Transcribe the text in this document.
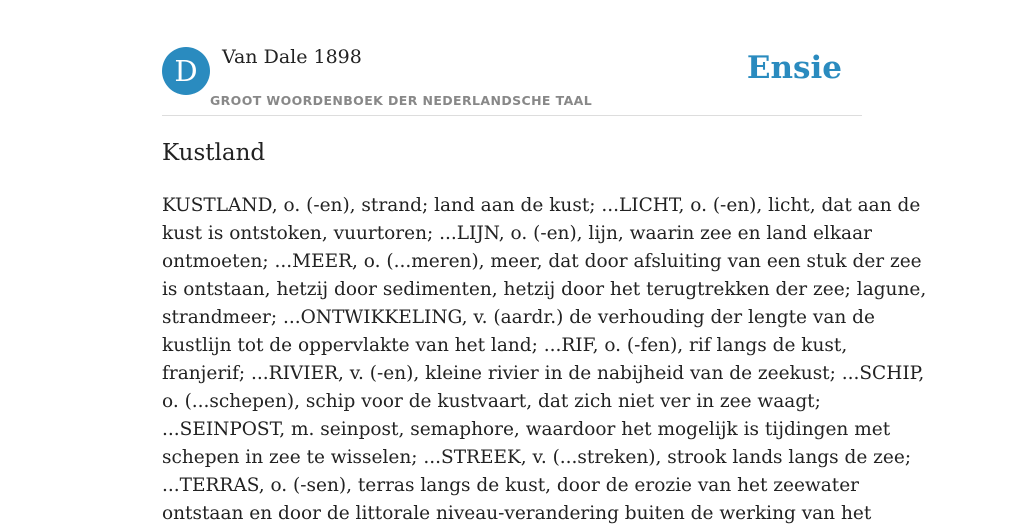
D	Van Dale 1898
GROOT WOORDENBOEK DER NEDERLANDSCHE TAAL
Ensie
Kustland
KUSTLAND, o. (-en), strand; land aan de kust; ...LICHT, o. (-en), licht, dat aan de
kust is ontstoken, vuurtoren; ...LIJN, o. (-en), lijn, waarin zee en land elkaar
ontmoeten; ...MEER, o. (...meren), meer, dat door afsluiting van een stuk der zee
is ontstaan, hetzij door sedimenten, hetzij door het terugtrekken der zee; lagune,
strandmeer; ...ONTWIKKELING, v. (aardr.) de verhouding der lengte van de
kustlijn tot de oppervlakte van het land; ...RIF, o. (-fen), rif langs de kust,
franjerif; ...RIVIER, v. (-en), kleine rivier in de nabijheid van de zeekust; ...SCHIP,
o. (...schepen), schip voor de kustvaart, dat zich niet ver in zee waagt;
...SEINPOST, m. seinpost, semaphore, waardoor het mogelijk is tijdingen met
schepen in zee te wisselen; ...STREEK, v. (...streken), strook lands langs de zee;
...TERRAS, o. (-sen), terras langs de kust, door de erozie van het zeewater
ontstaan en door de littorale niveau-verandering buiten de werking van het
